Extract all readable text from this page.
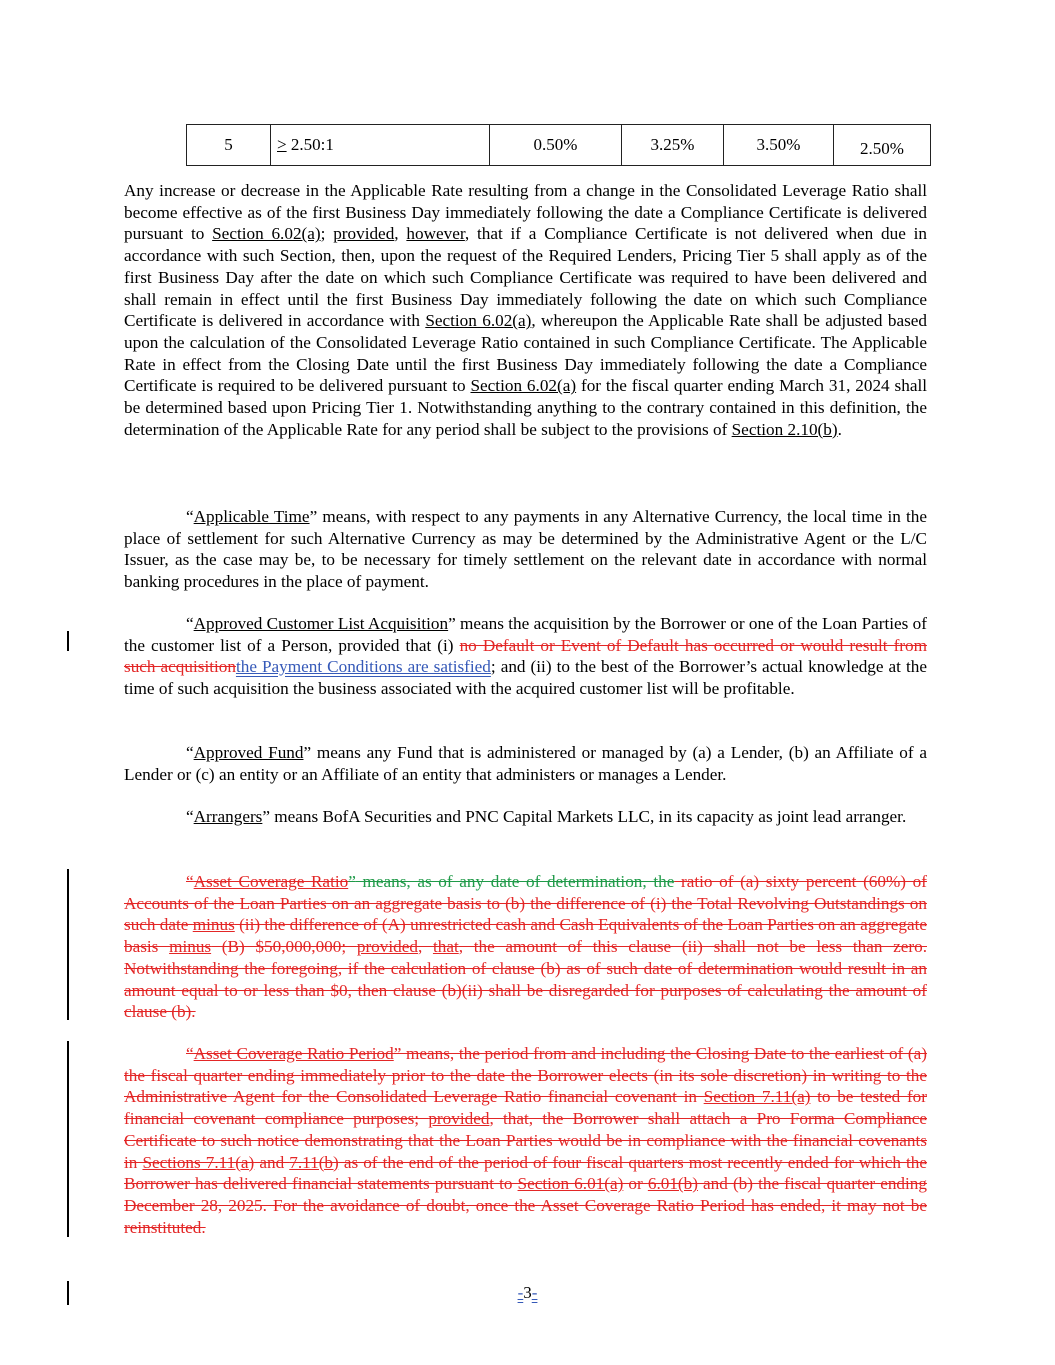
5	≥ 2.50:1	0.50%	3.25%	3.50%	2.50%

Any increase or decrease in the Applicable Rate resulting from a change in the Consolidated Leverage Ratio shall become effective as of the first Business Day immediately following the date a Compliance Certificate is delivered pursuant to Section 6.02(a); provided, however, that if a Compliance Certificate is not delivered when due in accordance with such Section, then, upon the request of the Required Lenders, Pricing Tier 5 shall apply as of the first Business Day after the date on which such Compliance Certificate was required to have been delivered and shall remain in effect until the first Business Day immediately following the date on which such Compliance Certificate is delivered in accordance with Section 6.02(a), whereupon the Applicable Rate shall be adjusted based upon the calculation of the Consolidated Leverage Ratio contained in such Compliance Certificate. The Applicable Rate in effect from the Closing Date until the first Business Day immediately following the date a Compliance Certificate is required to be delivered pursuant to Section 6.02(a) for the fiscal quarter ending March 31, 2024 shall be determined based upon Pricing Tier 1. Notwithstanding anything to the contrary contained in this definition, the determination of the Applicable Rate for any period shall be subject to the provisions of Section 2.10(b).

“Applicable Time” means, with respect to any payments in any Alternative Currency, the local time in the place of settlement for such Alternative Currency as may be determined by the Administrative Agent or the L/C Issuer, as the case may be, to be necessary for timely settlement on the relevant date in accordance with normal banking procedures in the place of payment.

“Approved Customer List Acquisition” means the acquisition by the Borrower or one of the Loan Parties of the customer list of a Person, provided that (i) no Default or Event of Default has occurred or would result from such acquisitionthe Payment Conditions are satisfied; and (ii) to the best of the Borrower’s actual knowledge at the time of such acquisition the business associated with the acquired customer list will be profitable.

“Approved Fund” means any Fund that is administered or managed by (a) a Lender, (b) an Affiliate of a Lender or (c) an entity or an Affiliate of an entity that administers or manages a Lender.

“Arrangers” means BofA Securities and PNC Capital Markets LLC, in its capacity as joint lead arranger.

“Asset Coverage Ratio” means, as of any date of determination, the ratio of (a) sixty percent (60%) of Accounts of the Loan Parties on an aggregate basis to (b) the difference of (i) the Total Revolving Outstandings on such date minus (ii) the difference of (A) unrestricted cash and Cash Equivalents of the Loan Parties on an aggregate basis minus (B) $50,000,000; provided, that, the amount of this clause (ii) shall not be less than zero. Notwithstanding the foregoing, if the calculation of clause (b) as of such date of determination would result in an amount equal to or less than $0, then clause (b)(ii) shall be disregarded for purposes of calculating the amount of clause (b).

“Asset Coverage Ratio Period” means, the period from and including the Closing Date to the earliest of (a) the fiscal quarter ending immediately prior to the date the Borrower elects (in its sole discretion) in writing to the Administrative Agent for the Consolidated Leverage Ratio financial covenant in Section 7.11(a) to be tested for financial covenant compliance purposes; provided, that, the Borrower shall attach a Pro Forma Compliance Certificate to such notice demonstrating that the Loan Parties would be in compliance with the financial covenants in Sections 7.11(a) and 7.11(b) as of the end of the period of four fiscal quarters most recently ended for which the Borrower has delivered financial statements pursuant to Section 6.01(a) or 6.01(b) and (b) the fiscal quarter ending December 28, 2025. For the avoidance of doubt, once the Asset Coverage Ratio Period has ended, it may not be reinstituted.

-3-
